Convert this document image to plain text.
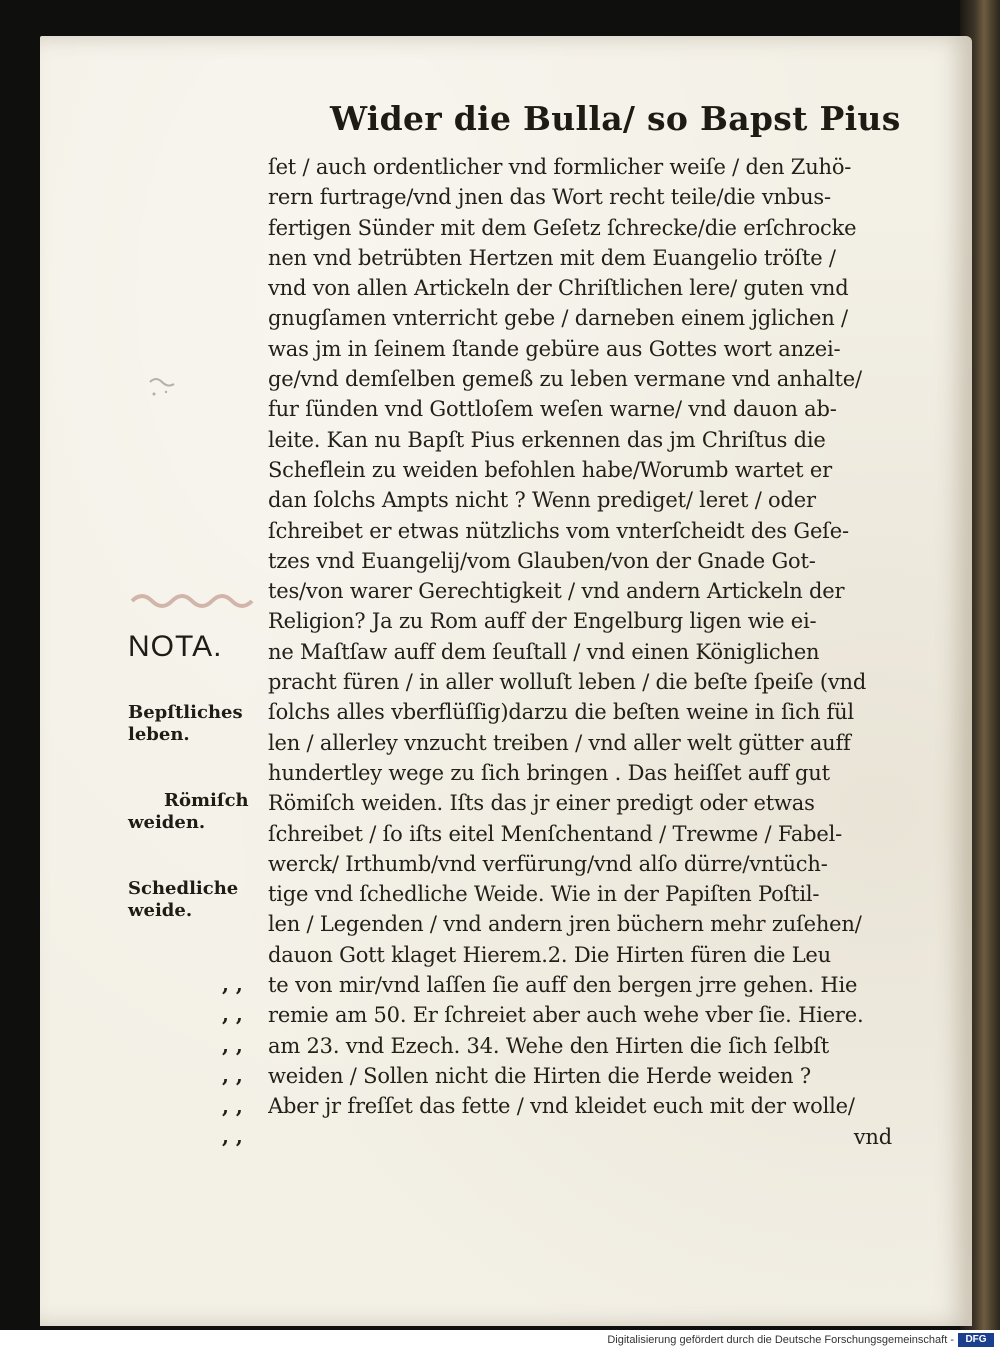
Wider die Bulla/ so Bapst Pius
NOTA.
Bepſtliches
leben.
Römiſch
weiden.
Schedliche
weide.
, ,
, ,
, ,
, ,
, ,
, ,
ſet / auch ordentlicher vnd formlicher weiſe / den Zuhö-
rern furtrage/vnd jnen das Wort recht teile/die vnbus-
fertigen Sünder mit dem Geſetz ſchrecke/die erſchrocke
nen vnd betrübten Hertzen mit dem Euangelio tröſte /
vnd von allen Artickeln der Chriſtlichen lere/ guten vnd
gnugſamen vnterricht gebe / darneben einem jglichen /
was jm in ſeinem ſtande gebüre aus Gottes wort anzei-
ge/vnd demſelben gemeß zu leben vermane vnd anhalte/
fur ſünden vnd Gottloſem weſen warne/ vnd dauon ab-
leite. Kan nu Bapſt Pius erkennen das jm Chriſtus die
Scheflein zu weiden befohlen habe/Worumb wartet er
dan ſolchs Ampts nicht ? Wenn prediget/ leret / oder
ſchreibet er etwas nützlichs vom vnterſcheidt des Geſe-
tzes vnd Euangelij/vom Glauben/von der Gnade Got-
tes/von warer Gerechtigkeit / vnd andern Artickeln der
Religion? Ja zu Rom auff der Engelburg ligen wie ei-
ne Maſtſaw auff dem ſeuſtall / vnd einen Königlichen
pracht füren / in aller wolluſt leben / die beſte ſpeiſe (vnd
ſolchs alles vberflüſſig)darzu die beſten weine in ſich fül
len / allerley vnzucht treiben / vnd aller welt gütter auff
hundertley wege zu ſich bringen . Das heiſſet auff gut
Römiſch weiden. Iſts das jr einer predigt oder etwas
ſchreibet / ſo iſts eitel Menſchentand / Trewme / Fabel-
werck/ Irthumb/vnd verfürung/vnd alſo dürre/vntüch-
tige vnd ſchedliche Weide. Wie in der Papiſten Poſtil-
len / Legenden / vnd andern jren büchern mehr zuſehen/
dauon Gott klaget Hierem.2. Die Hirten füren die Leu
te von mir/vnd laſſen ſie auff den bergen jrre gehen. Hie
remie am 50. Er ſchreiet aber auch wehe vber ſie. Hiere.
am 23. vnd Ezech. 34. Wehe den Hirten die ſich ſelbſt
weiden / Sollen nicht die Hirten die Herde weiden ?
Aber jr freſſet das fette / vnd kleidet euch mit der wolle/
vnd
Digitalisierung gefördert durch die Deutsche Forschungsgemeinschaft -	DFG
